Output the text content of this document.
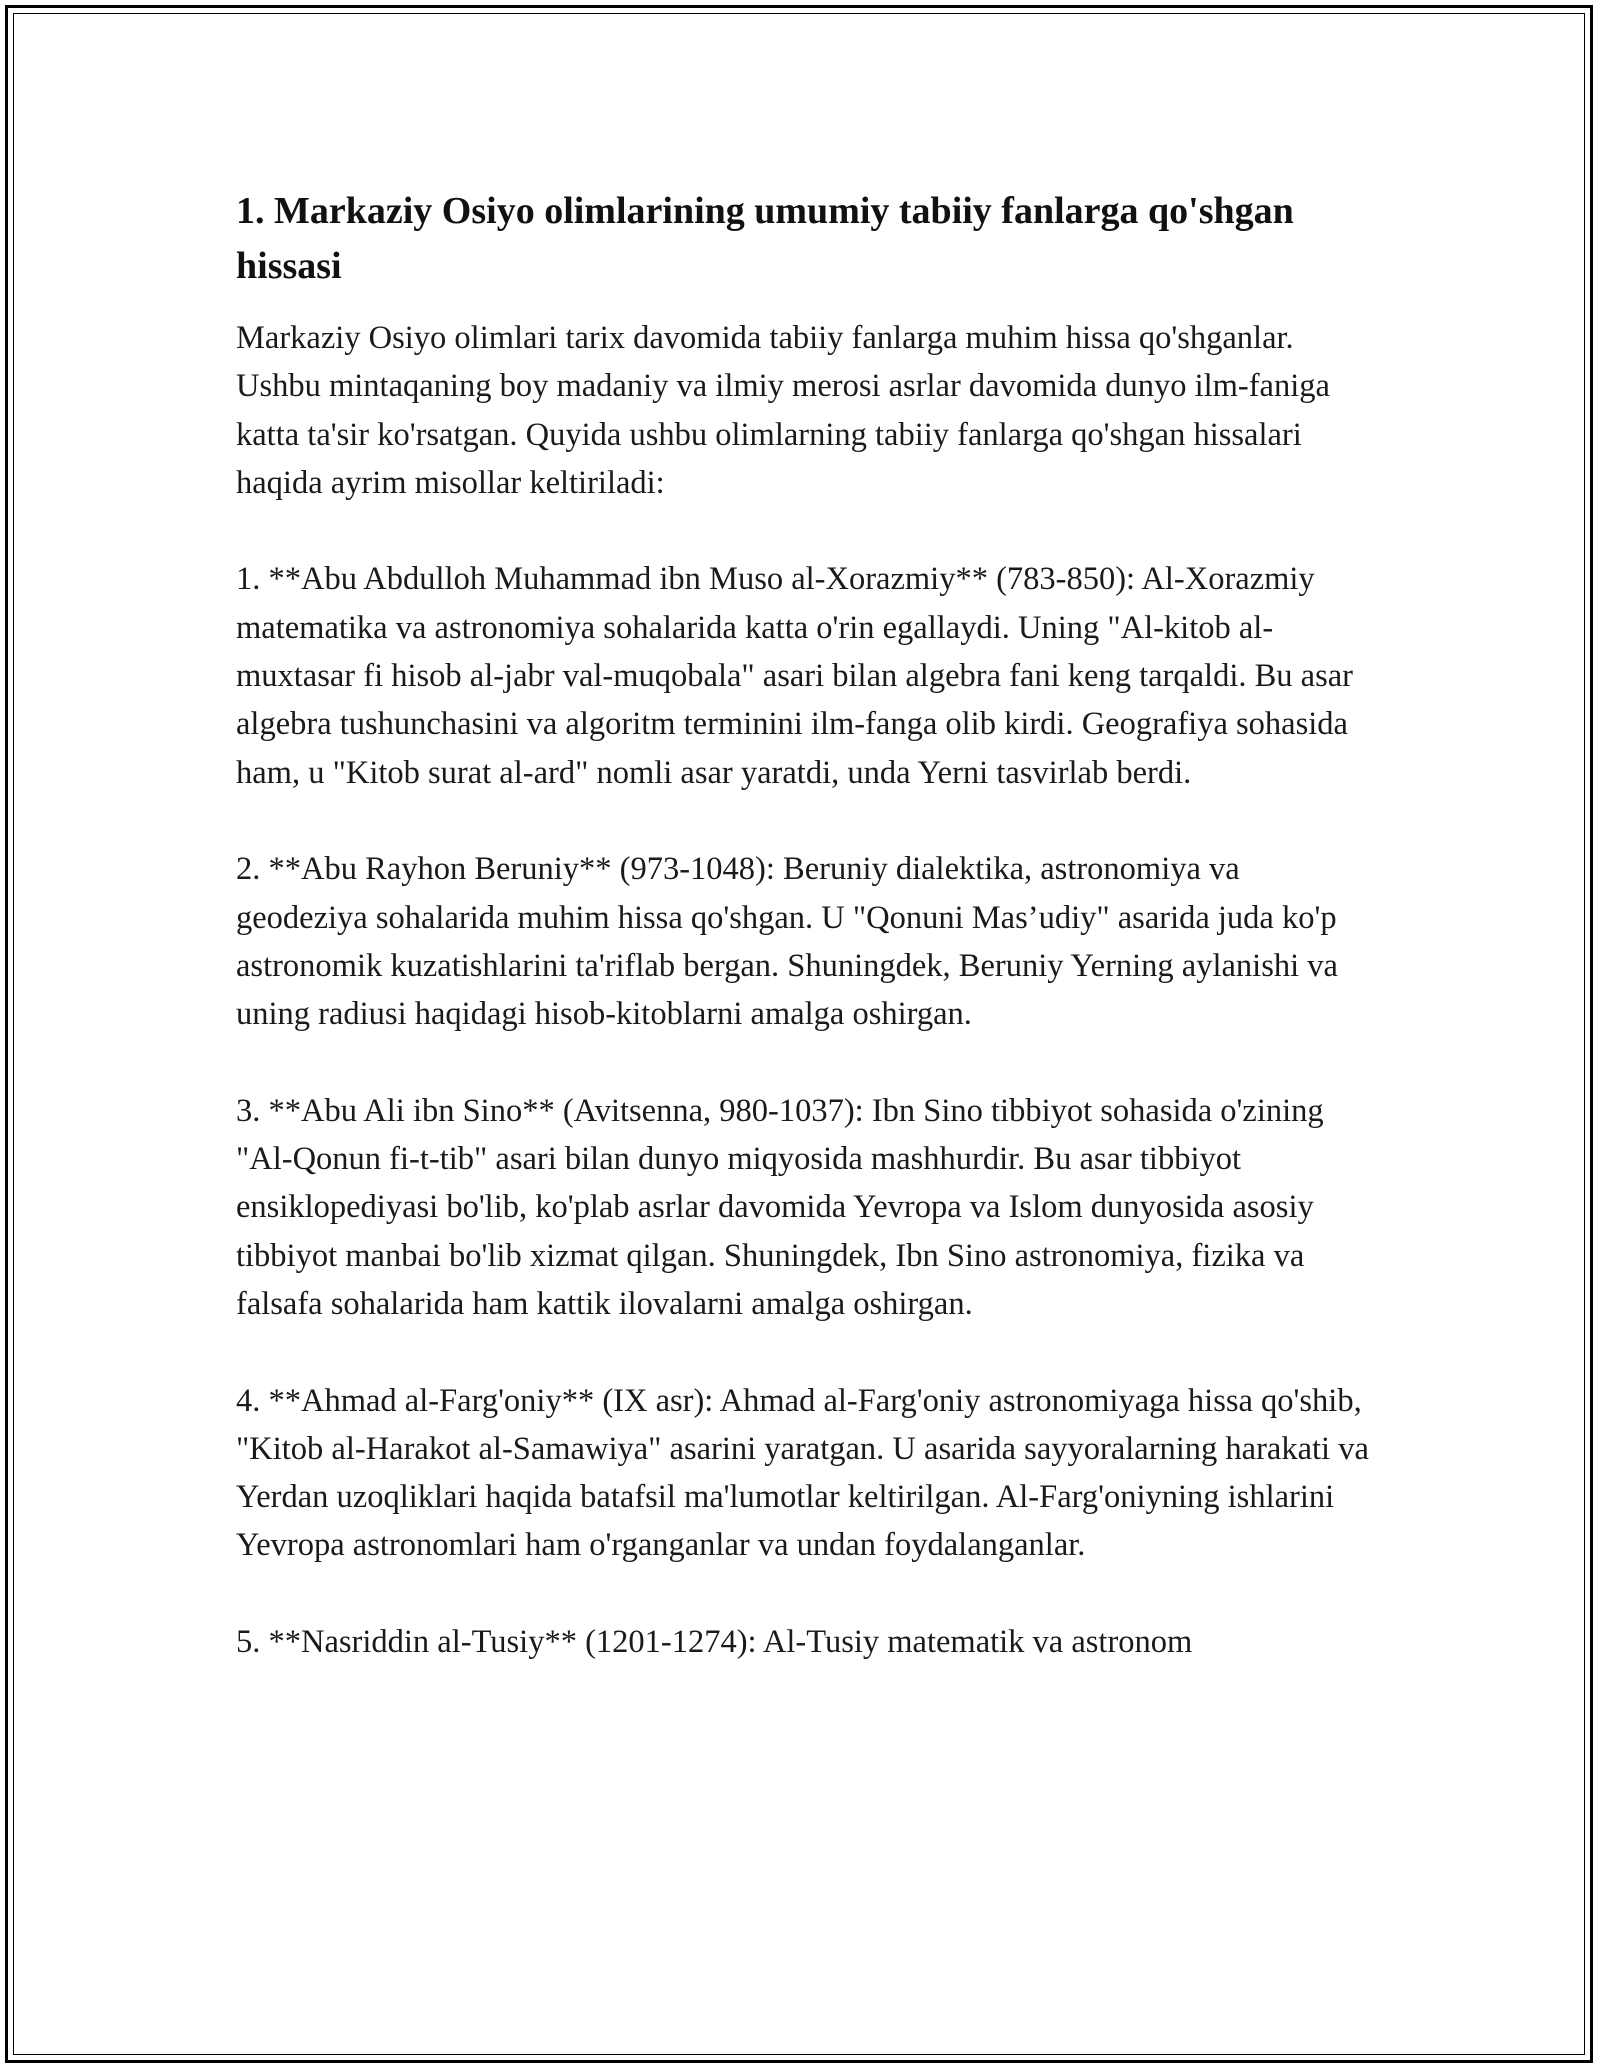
1. Markaziy Osiyo olimlarining umumiy tabiiy fanlarga qo'shgan hissasi

Markaziy Osiyo olimlari tarix davomida tabiiy fanlarga muhim hissa qo'shganlar. Ushbu mintaqaning boy madaniy va ilmiy merosi asrlar davomida dunyo ilm-faniga katta ta'sir ko'rsatgan. Quyida ushbu olimlarning tabiiy fanlarga qo'shgan hissalari haqida ayrim misollar keltiriladi:

1. **Abu Abdulloh Muhammad ibn Muso al-Xorazmiy** (783-850): Al-Xorazmiy matematika va astronomiya sohalarida katta o'rin egallaydi. Uning "Al-kitob al-muxtasar fi hisob al-jabr val-muqobala" asari bilan algebra fani keng tarqaldi. Bu asar algebra tushunchasini va algoritm terminini ilm-fanga olib kirdi. Geografiya sohasida ham, u "Kitob surat al-ard" nomli asar yaratdi, unda Yerni tasvirlab berdi.

2. **Abu Rayhon Beruniy** (973-1048): Beruniy dialektika, astronomiya va geodeziya sohalarida muhim hissa qo'shgan. U "Qonuni Mas’udiy" asarida juda ko'p astronomik kuzatishlarini ta'riflab bergan. Shuningdek, Beruniy Yerning aylanishi va uning radiusi haqidagi hisob-kitoblarni amalga oshirgan.

3. **Abu Ali ibn Sino** (Avitsenna, 980-1037): Ibn Sino tibbiyot sohasida o'zining "Al-Qonun fi-t-tib" asari bilan dunyo miqyosida mashhurdir. Bu asar tibbiyot ensiklopediyasi bo'lib, ko'plab asrlar davomida Yevropa va Islom dunyosida asosiy tibbiyot manbai bo'lib xizmat qilgan. Shuningdek, Ibn Sino astronomiya, fizika va falsafa sohalarida ham kattik ilovalarni amalga oshirgan.

4. **Ahmad al-Farg'oniy** (IX asr): Ahmad al-Farg'oniy astronomiyaga hissa qo'shib, "Kitob al-Harakot al-Samawiya" asarini yaratgan. U asarida sayyoralarning harakati va Yerdan uzoqliklari haqida batafsil ma'lumotlar keltirilgan. Al-Farg'oniyning ishlarini Yevropa astronomlari ham o'rganganlar va undan foydalanganlar.

5. **Nasriddin al-Tusiy** (1201-1274): Al-Tusiy matematik va astronom
